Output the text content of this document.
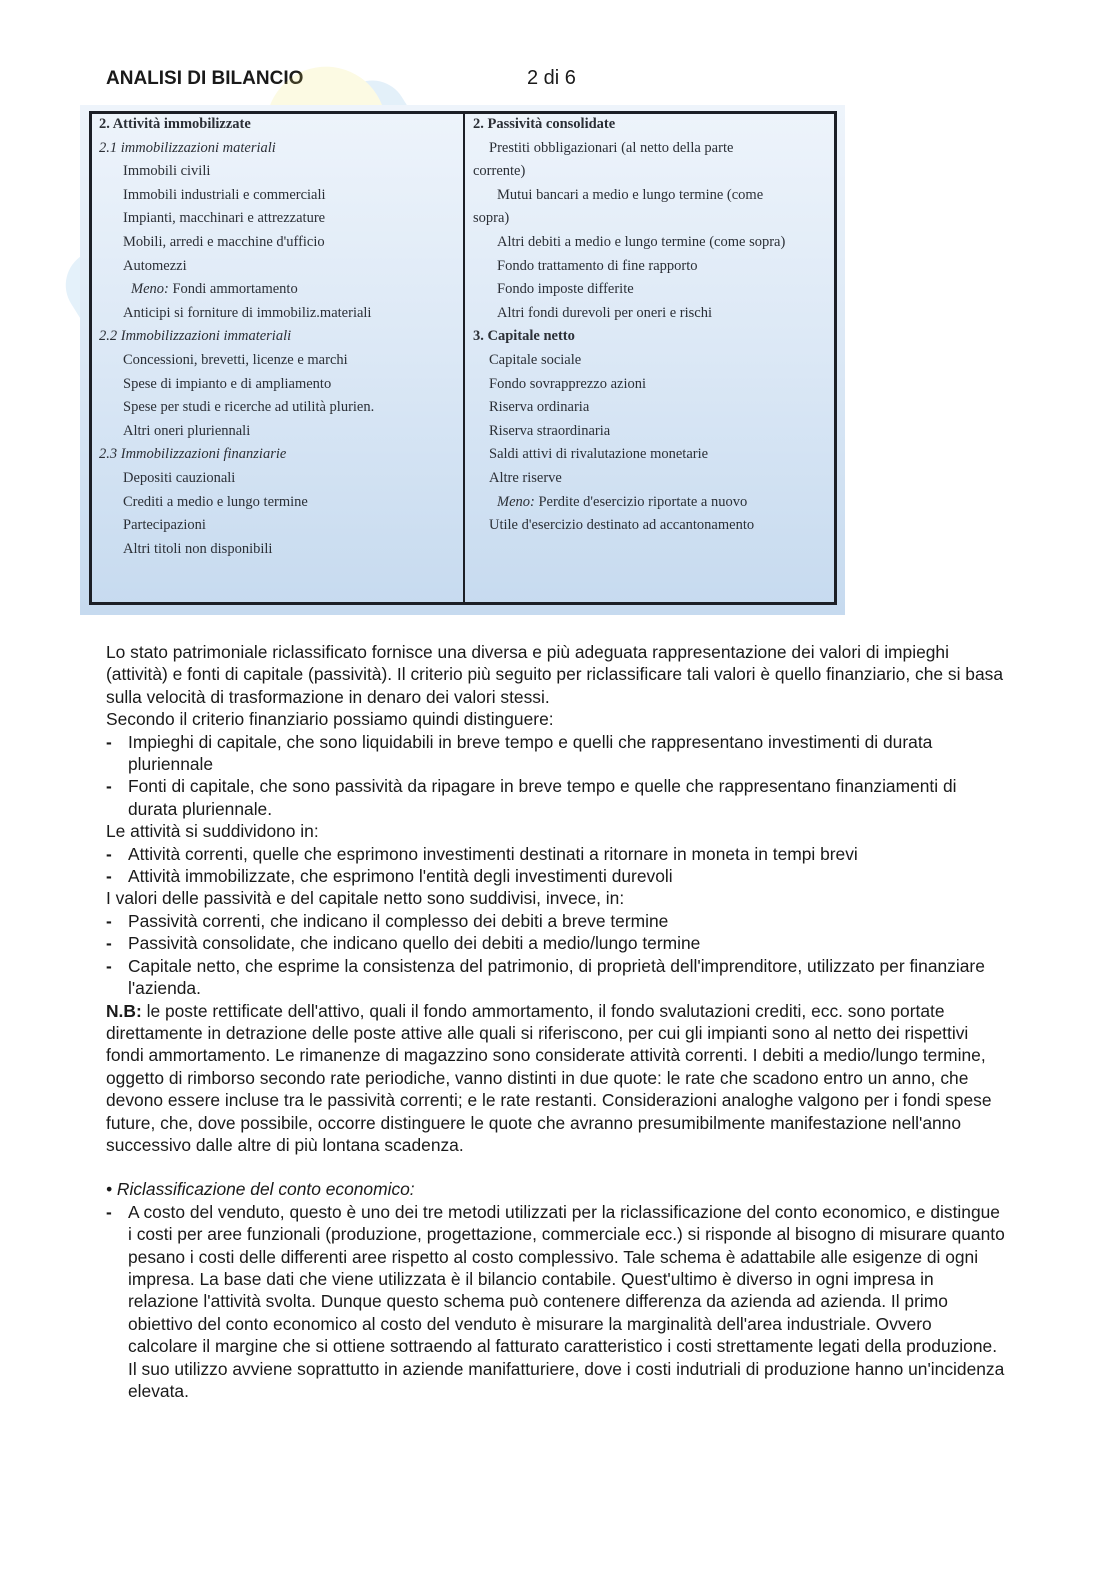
ANALISI DI BILANCIO	2 di 6
2. Attività immobilizzate
2.1 immobilizzazioni materiali
Immobili civili
Immobili industriali e commerciali
Impianti, macchinari e attrezzature
Mobili, arredi e macchine d'ufficio
Automezzi
Meno: Fondi ammortamento
Anticipi si forniture di immobiliz.materiali
2.2 Immobilizzazioni immateriali
Concessioni, brevetti, licenze e marchi
Spese di impianto e di ampliamento
Spese per studi e ricerche ad utilità plurien.
Altri oneri pluriennali
2.3 Immobilizzazioni finanziarie
Depositi cauzionali
Crediti a medio e lungo termine
Partecipazioni
Altri titoli non disponibili
2. Passività consolidate
Prestiti obbligazionari (al netto della parte
corrente)
Mutui bancari a medio e lungo termine (come
sopra)
Altri debiti a medio e lungo termine (come sopra)
Fondo trattamento di fine rapporto
Fondo imposte differite
Altri fondi durevoli per oneri e rischi
3. Capitale netto
Capitale sociale
Fondo sovrapprezzo azioni
Riserva ordinaria
Riserva straordinaria
Saldi attivi di rivalutazione monetarie
Altre riserve
Meno: Perdite d'esercizio riportate a nuovo
Utile d'esercizio destinato ad accantonamento

Lo stato patrimoniale riclassificato fornisce una diversa e più adeguata rappresentazione dei valori di impieghi (attività) e fonti di capitale (passività). Il criterio più seguito per riclassificare tali valori è quello finanziario, che si basa sulla velocità di trasformazione in denaro dei valori stessi.

Secondo il criterio finanziario possiamo quindi distinguere:

- Impieghi di capitale, che sono liquidabili in breve tempo e quelli che rappresentano investimenti di durata pluriennale
- Fonti di capitale, che sono passività da ripagare in breve tempo e quelle che rappresentano finanziamenti di durata pluriennale.

Le attività si suddividono in:

- Attività correnti, quelle che esprimono investimenti destinati a ritornare in moneta in tempi brevi
- Attività immobilizzate, che esprimono l'entità degli investimenti durevoli

I valori delle passività e del capitale netto sono suddivisi, invece, in:

- Passività correnti, che indicano il complesso dei debiti a breve termine
- Passività consolidate, che indicano quello dei debiti a medio/lungo termine
- Capitale netto, che esprime la consistenza del patrimonio, di proprietà dell'imprenditore, utilizzato per finanziare l'azienda.

N.B: le poste rettificate dell'attivo, quali il fondo ammortamento, il fondo svalutazioni crediti, ecc. sono portate direttamente in detrazione delle poste attive alle quali si riferiscono, per cui gli impianti sono al netto dei rispettivi fondi ammortamento. Le rimanenze di magazzino sono considerate attività correnti. I debiti a medio/lungo termine, oggetto di rimborso secondo rate periodiche, vanno distinti in due quote: le rate che scadono entro un anno, che devono essere incluse tra le passività correnti; e le rate restanti. Considerazioni analoghe valgono per i fondi spese future, che, dove possibile, occorre distinguere le quote che avranno presumibilmente manifestazione nell'anno successivo dalle altre di più lontana scadenza.

• Riclassificazione del conto economico:

- A costo del venduto, questo è uno dei tre metodi utilizzati per la riclassificazione del conto economico, e distingue i costi per aree funzionali (produzione, progettazione, commerciale ecc.) si risponde al bisogno di misurare quanto pesano i costi delle differenti aree rispetto al costo complessivo. Tale schema è adattabile alle esigenze di ogni impresa. La base dati che viene utilizzata è il bilancio contabile. Quest'ultimo è diverso in ogni impresa in relazione l'attività svolta. Dunque questo schema può contenere differenza da azienda ad azienda. Il primo obiettivo del conto economico al costo del venduto è misurare la marginalità dell'area industriale. Ovvero calcolare il margine che si ottiene sottraendo al fatturato caratteristico i costi strettamente legati della produzione. Il suo utilizzo avviene soprattutto in aziende manifatturiere, dove i costi indutriali di produzione hanno un'incidenza elevata.
